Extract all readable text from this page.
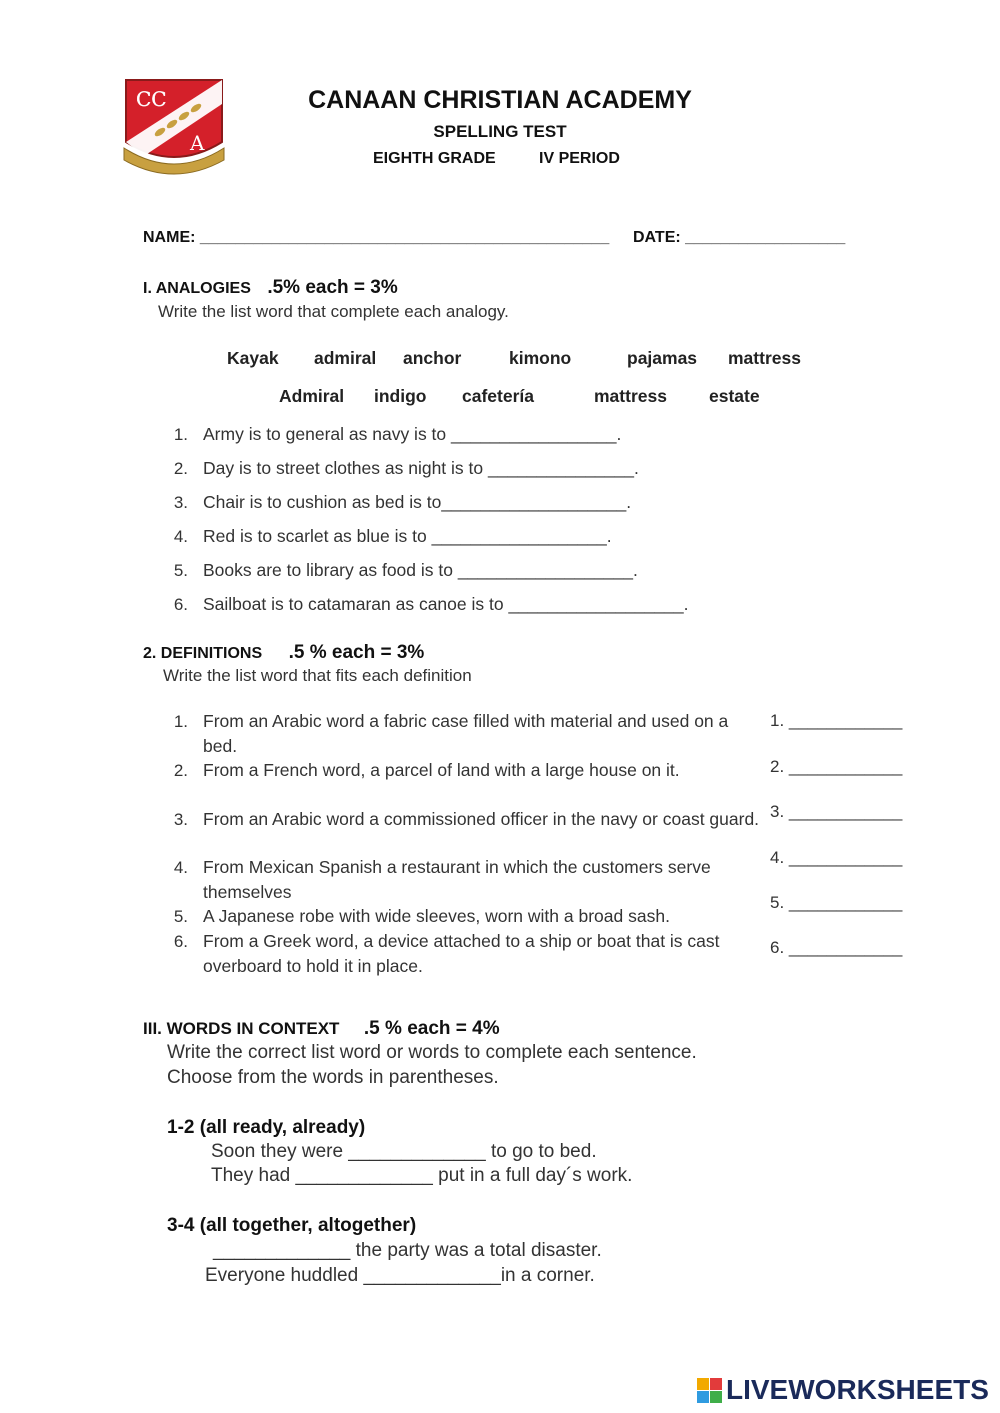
CC
A
CANAAN CHRISTIAN ACADEMY
SPELLING TEST
EIGHTH GRADE	IV PERIOD
NAME: ______________________________________________ DATE: __________________
I. ANALOGIES .5% each = 3%
Write the list word that complete each analogy.
Kayak admiral anchor	kimono	pajamas mattress
Admiral indigo cafetería	mattress estate
1. Army is to general as navy is to _________________.
2. Day is to street clothes as night is to _______________.
3. Chair is to cushion as bed is to___________________.
4. Red is to scarlet as blue is to __________________.
5. Books are to library as food is to __________________.
6. Sailboat is to catamaran as canoe is to __________________.
2. DEFINITIONS .5 % each = 3%
Write the list word that fits each definition
1. From an Arabic word a fabric case filled with material and used on a bed.
2. From a French word, a parcel of land with a large house on it.
3. From an Arabic word a commissioned officer in the navy or coast guard.
4. From Mexican Spanish a restaurant in which the customers serve themselves
5. A Japanese robe with wide sleeves, worn with a broad sash.
6. From a Greek word, a device attached to a ship or boat that is cast overboard to hold it in place.
1. ____________
2. ____________
3. ____________
4. ____________
5. ____________
6. ____________
III. WORDS IN CONTEXT .5 % each = 4%
Write the correct list word or words to complete each sentence.
Choose from the words in parentheses.
1-2 (all ready, already)
Soon they were _____________ to go to bed.
They had _____________ put in a full day´s work.
3-4 (all together, altogether)
_____________ the party was a total disaster.
Everyone huddled _____________in a corner.
LIVEWORKSHEETS
